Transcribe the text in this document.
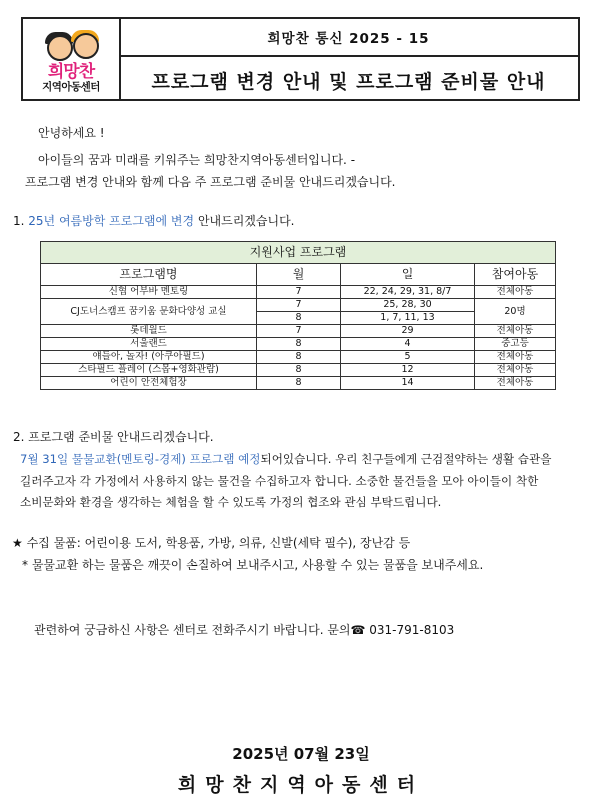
희망찬
지역아동센터
희망찬 통신 2025 - 15
프로그램 변경 안내 및 프로그램 준비물 안내
안녕하세요 !
아이들의 꿈과 미래를 키워주는 희망찬지역아동센터입니다. -
프로그램 변경 안내와 함께 다음 주 프로그램 준비물 안내드리겠습니다.
1. 25년 여름방학 프로그램에 변경 안내드리겠습니다.
지원사업 프로그램			
프로그램명	월	일	참여아동
신협 어부바 멘토링	7	22, 24, 29, 31, 8/7	전체아동
CJ도너스캠프 꿈키움 문화다양성 교실	7	25, 28, 30	20명
	8	1, 7, 11, 13	
롯데월드	7	29	전체아동
서울랜드	8	4	중고등
얘들아, 놀자! (아쿠아필드)	8	5	전체아동
스타필드 플레이 (스몹+영화관람)	8	12	전체아동
어린이 안전체험장	8	14	전체아동
2. 프로그램 준비물 안내드리겠습니다.
7월 31일 물물교환(멘토링-경제) 프로그램 예정되어있습니다. 우리 친구들에게 근검절약하는 생활 습관을
길러주고자 각 가정에서 사용하지 않는 물건을 수집하고자 합니다. 소중한 물건들을 모아 아이들이 착한
소비문화와 환경을 생각하는 체험을 할 수 있도록 가정의 협조와 관심 부탁드립니다.
★ 수집 물품: 어린이용 도서, 학용품, 가방, 의류, 신발(세탁 필수), 장난감 등
* 물물교환 하는 물품은 깨끗이 손질하여 보내주시고, 사용할 수 있는 물품을 보내주세요.
관련하여 궁금하신 사항은 센터로 전화주시기 바랍니다. 문의☎ 031-791-8103
2025년 07월 23일
희망찬지역아동센터
